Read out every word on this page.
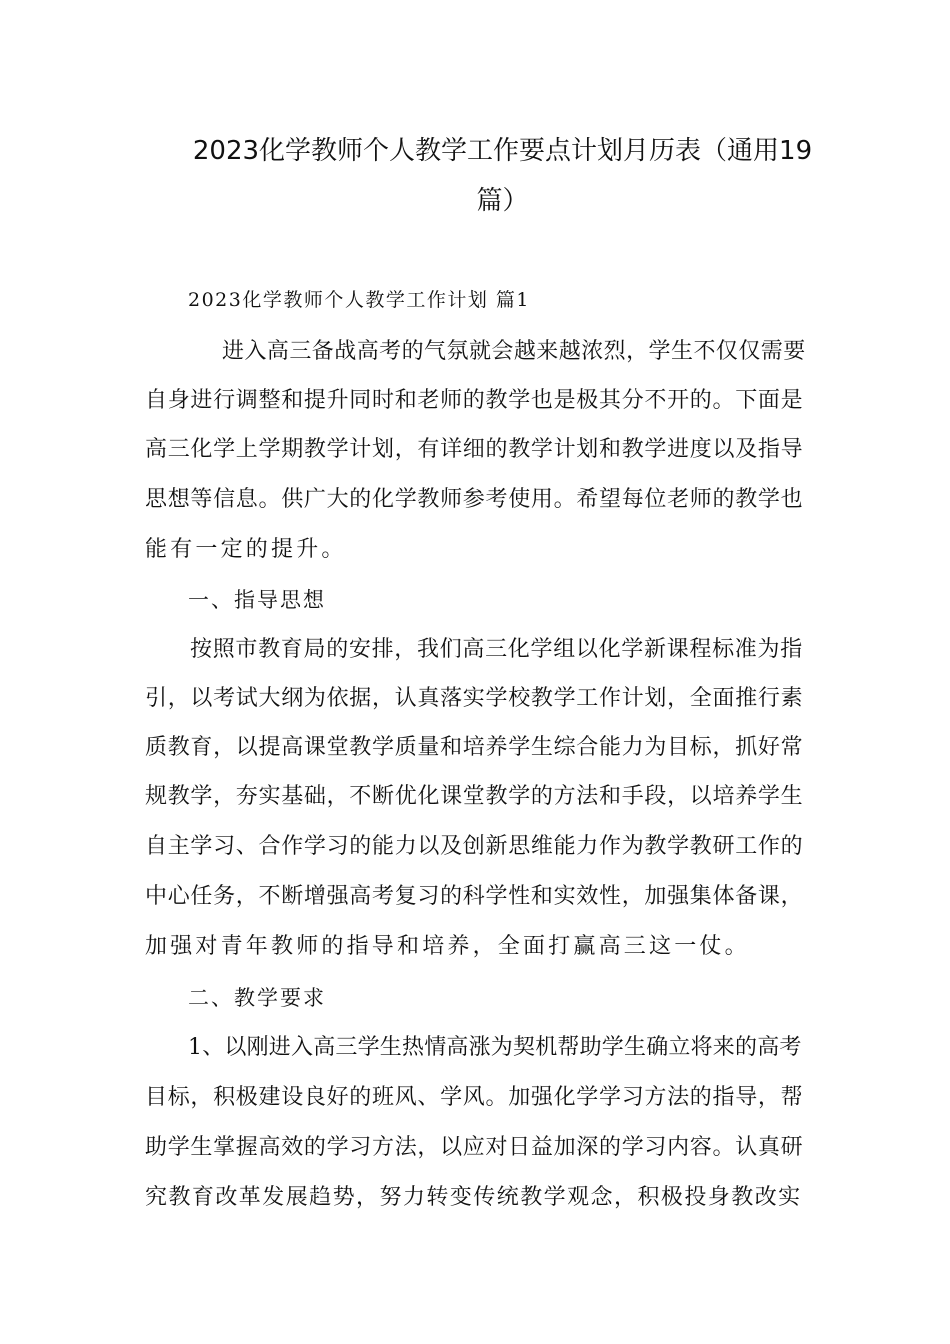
2023化学教师个人教学工作要点计划月历表（通用19
篇）
2023化学教师个人教学工作计划 篇1
进入高三备战高考的气氛就会越来越浓烈，学生不仅仅需要
自身进行调整和提升同时和老师的教学也是极其分不开的。下面是
高三化学上学期教学计划，有详细的教学计划和教学进度以及指导
思想等信息。供广大的化学教师参考使用。希望每位老师的教学也
能有一定的提升。
一、指导思想
按照市教育局的安排，我们高三化学组以化学新课程标准为指
引，以考试大纲为依据，认真落实学校教学工作计划，全面推行素
质教育，以提高课堂教学质量和培养学生综合能力为目标，抓好常
规教学，夯实基础，不断优化课堂教学的方法和手段，以培养学生
自主学习、合作学习的能力以及创新思维能力作为教学教研工作的
中心任务，不断增强高考复习的科学性和实效性，加强集体备课，
加强对青年教师的指导和培养，全面打赢高三这一仗。
二、教学要求
1、以刚进入高三学生热情高涨为契机帮助学生确立将来的高考
目标，积极建设良好的班风、学风。加强化学学习方法的指导，帮
助学生掌握高效的学习方法，以应对日益加深的学习内容。认真研
究教育改革发展趋势，努力转变传统教学观念，积极投身教改实
